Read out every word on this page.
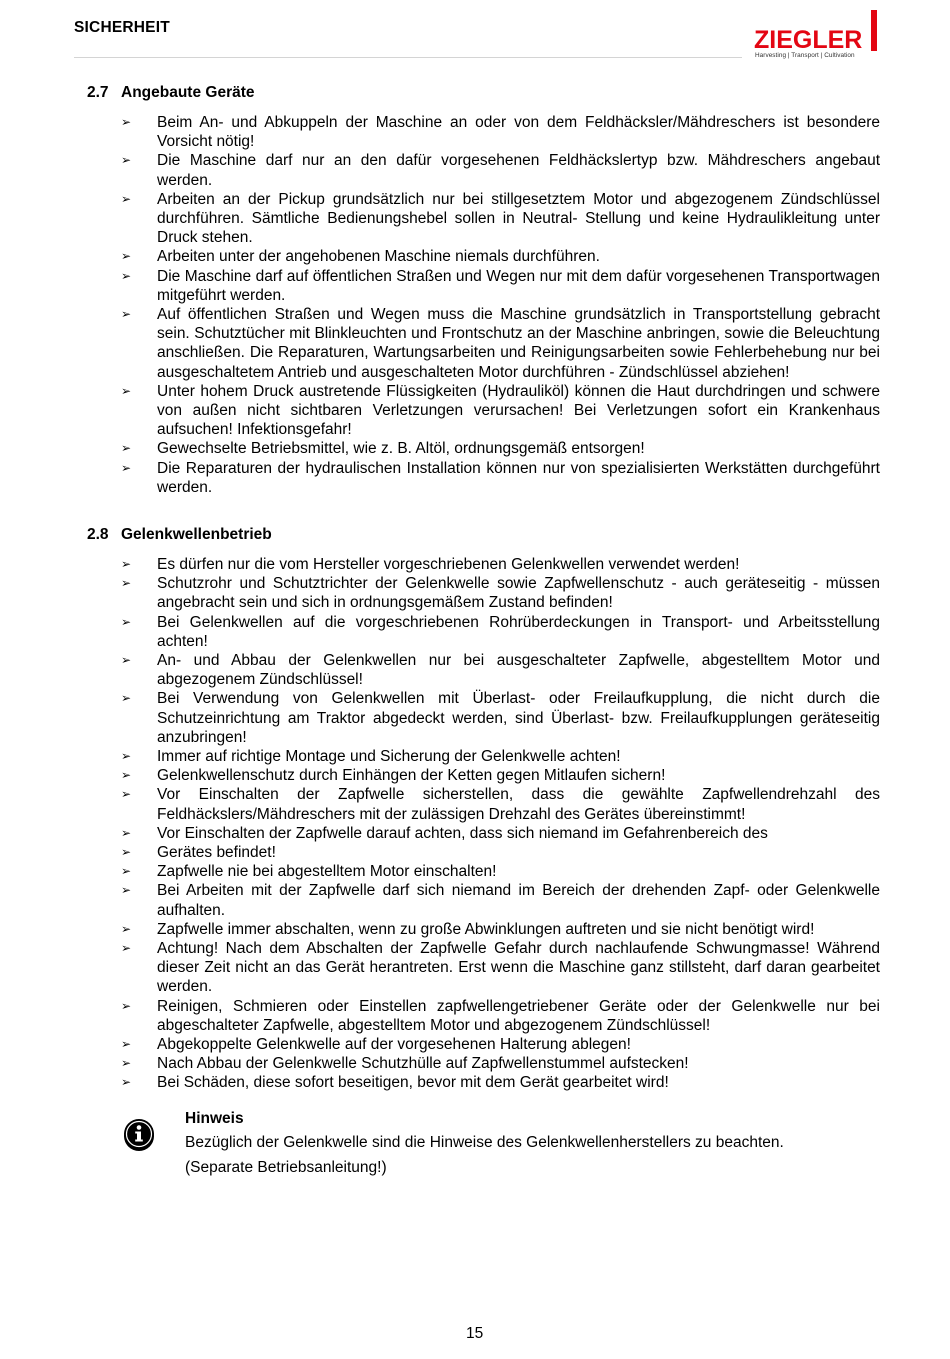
SICHERHEIT	ZIEGLER
Harvesting | Transport | Cultivation
2.7 Angebaute Geräte
➢	Beim An- und Abkuppeln der Maschine an oder von dem Feldhäcksler/Mähdreschers ist besondere Vorsicht nötig!
➢	Die Maschine darf nur an den dafür vorgesehenen Feldhäckslertyp bzw. Mähdreschers angebaut werden.
➢	Arbeiten an der Pickup grundsätzlich nur bei stillgesetztem Motor und abgezogenem Zündschlüssel durchführen. Sämtliche Bedienungshebel sollen in Neutral- Stellung und keine Hydraulikleitung unter Druck stehen.
➢	Arbeiten unter der angehobenen Maschine niemals durchführen.
➢	Die Maschine darf auf öffentlichen Straßen und Wegen nur mit dem dafür vorgesehenen Transportwagen mitgeführt werden.
➢	Auf öffentlichen Straßen und Wegen muss die Maschine grundsätzlich in Transportstellung gebracht sein. Schutztücher mit Blinkleuchten und Frontschutz an der Maschine anbringen, sowie die Beleuchtung anschließen. Die Reparaturen, Wartungsarbeiten und Reinigungsarbeiten sowie Fehlerbehebung nur bei ausgeschaltetem Antrieb und ausgeschalteten Motor durchführen - Zündschlüssel abziehen!
➢	Unter hohem Druck austretende Flüssigkeiten (Hydrauliköl) können die Haut durchdringen und schwere von außen nicht sichtbaren Verletzungen verursachen! Bei Verletzungen sofort ein Krankenhaus aufsuchen! Infektionsgefahr!
➢	Gewechselte Betriebsmittel, wie z. B. Altöl, ordnungsgemäß entsorgen!
➢	Die Reparaturen der hydraulischen Installation können nur von spezialisierten Werkstätten durchgeführt werden.
2.8 Gelenkwellenbetrieb
➢	Es dürfen nur die vom Hersteller vorgeschriebenen Gelenkwellen verwendet werden!
➢	Schutzrohr und Schutztrichter der Gelenkwelle sowie Zapfwellenschutz - auch geräteseitig - müssen angebracht sein und sich in ordnungsgemäßem Zustand befinden!
➢	Bei Gelenkwellen auf die vorgeschriebenen Rohrüberdeckungen in Transport- und Arbeitsstellung achten!
➢	An- und Abbau der Gelenkwellen nur bei ausgeschalteter Zapfwelle, abgestelltem Motor und abgezogenem Zündschlüssel!
➢	Bei Verwendung von Gelenkwellen mit Überlast- oder Freilaufkupplung, die nicht durch die Schutzeinrichtung am Traktor abgedeckt werden, sind Überlast- bzw. Freilaufkupplungen geräteseitig anzubringen!
➢	Immer auf richtige Montage und Sicherung der Gelenkwelle achten!
➢	Gelenkwellenschutz durch Einhängen der Ketten gegen Mitlaufen sichern!
➢	Vor Einschalten der Zapfwelle sicherstellen, dass die gewählte Zapfwellendrehzahl des Feldhäckslers/Mähdreschers mit der zulässigen Drehzahl des Gerätes übereinstimmt!
➢	Vor Einschalten der Zapfwelle darauf achten, dass sich niemand im Gefahrenbereich des
➢	Gerätes befindet!
➢	Zapfwelle nie bei abgestelltem Motor einschalten!
➢	Bei Arbeiten mit der Zapfwelle darf sich niemand im Bereich der drehenden Zapf- oder Gelenkwelle aufhalten.
➢	Zapfwelle immer abschalten, wenn zu große Abwinklungen auftreten und sie nicht benötigt wird!
➢	Achtung! Nach dem Abschalten der Zapfwelle Gefahr durch nachlaufende Schwungmasse! Während dieser Zeit nicht an das Gerät herantreten. Erst wenn die Maschine ganz stillsteht, darf daran gearbeitet werden.
➢	Reinigen, Schmieren oder Einstellen zapfwellengetriebener Geräte oder der Gelenkwelle nur bei abgeschalteter Zapfwelle, abgestelltem Motor und abgezogenem Zündschlüssel!
➢	Abgekoppelte Gelenkwelle auf der vorgesehenen Halterung ablegen!
➢	Nach Abbau der Gelenkwelle Schutzhülle auf Zapfwellenstummel aufstecken!
➢	Bei Schäden, diese sofort beseitigen, bevor mit dem Gerät gearbeitet wird!
Hinweis
Bezüglich der Gelenkwelle sind die Hinweise des Gelenkwellenherstellers zu beachten.
(Separate Betriebsanleitung!)
15
